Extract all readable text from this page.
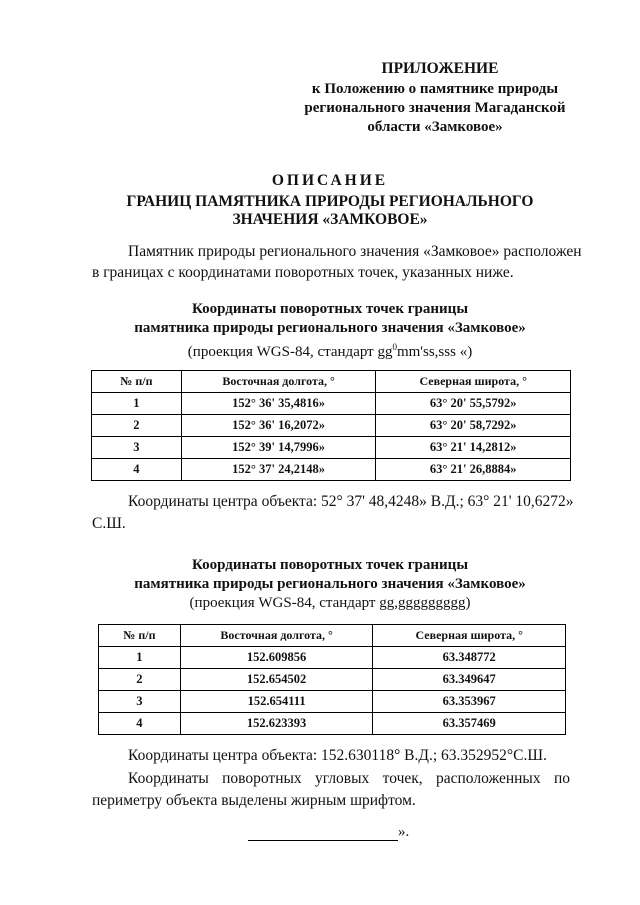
ПРИЛОЖЕНИЕ
к Положению о памятнике природы
регионального значения Магаданской
области «Замковое»
ОПИСАНИЕ
ГРАНИЦ ПАМЯТНИКА ПРИРОДЫ РЕГИОНАЛЬНОГО
ЗНАЧЕНИЯ «ЗАМКОВОЕ»
Памятник природы регионального значения «Замковое» расположен
в границах с координатами поворотных точек, указанных ниже.
Координаты поворотных точек границы
памятника природы регионального значения «Замковое»
(проекция WGS-84, стандарт $gg^0mm'ss,sss$ «)
№ п/п	Восточная долгота, °	Северная широта, °
1	152° 36' 35,4816»	63° 20' 55,5792»
2	152° 36' 16,2072»	63° 20' 58,7292»
3	152° 39' 14,7996»	63° 21' 14,2812»
4	152° 37' 24,2148»	63° 21' 26,8884»
Координаты центра объекта: 52° 37' 48,4248» В.Д.; 63° 21' 10,6272»
С.Ш.
Координаты поворотных точек границы
памятника природы регионального значения «Замковое»
(проекция WGS-84, стандарт gg,ggggggggg)
№ п/п	Восточная долгота, °	Северная широта, °
1	152.609856	63.348772
2	152.654502	63.349647
3	152.654111	63.353967
4	152.623393	63.357469
Координаты центра объекта: 152.630118° В.Д.; 63.352952°С.Ш.
Координаты поворотных угловых точек, расположенных по
периметру объекта выделены жирным шрифтом.
».
